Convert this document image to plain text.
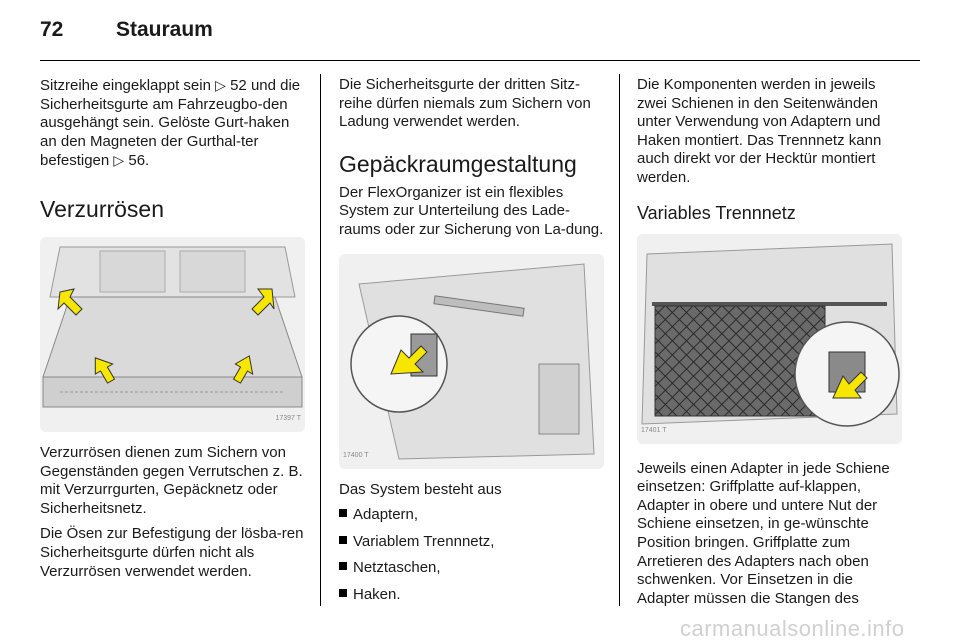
72	Stauraum

Sitzreihe eingeklappt sein ▷ 52 und die Sicherheitsgurte am Fahrzeugbo-den ausgehängt sein. Gelöste Gurt-haken an den Magneten der Gurthal-ter befestigen ▷ 56.

Verzurrösen
17397 T

Verzurrösen dienen zum Sichern von Gegenständen gegen Verrutschen z. B. mit Verzurrgurten, Gepäcknetz oder Sicherheitsnetz.

Die Ösen zur Befestigung der lösba-ren Sicherheitsgurte dürfen nicht als Verzurrösen verwendet werden.

Die Sicherheitsgurte der dritten Sitz-reihe dürfen niemals zum Sichern von Ladung verwendet werden.

Gepäckraumgestaltung

Der FlexOrganizer ist ein flexibles System zur Unterteilung des Lade-raums oder zur Sicherung von La-dung.

17400 T

Das System besteht aus

Adaptern,
Variablem Trennnetz,
Netztaschen,
Haken.

Die Komponenten werden in jeweils zwei Schienen in den Seitenwänden unter Verwendung von Adaptern und Haken montiert. Das Trennnetz kann auch direkt vor der Hecktür montiert werden.

Variables Trennnetz
17401 T

Jeweils einen Adapter in jede Schiene einsetzen: Griffplatte auf-klappen, Adapter in obere und untere Nut der Schiene einsetzen, in ge-wünschte Position bringen. Griffplatte zum Arretieren des Adapters nach oben schwenken. Vor Einsetzen in die Adapter müssen die Stangen des

carmanualsonline.info
